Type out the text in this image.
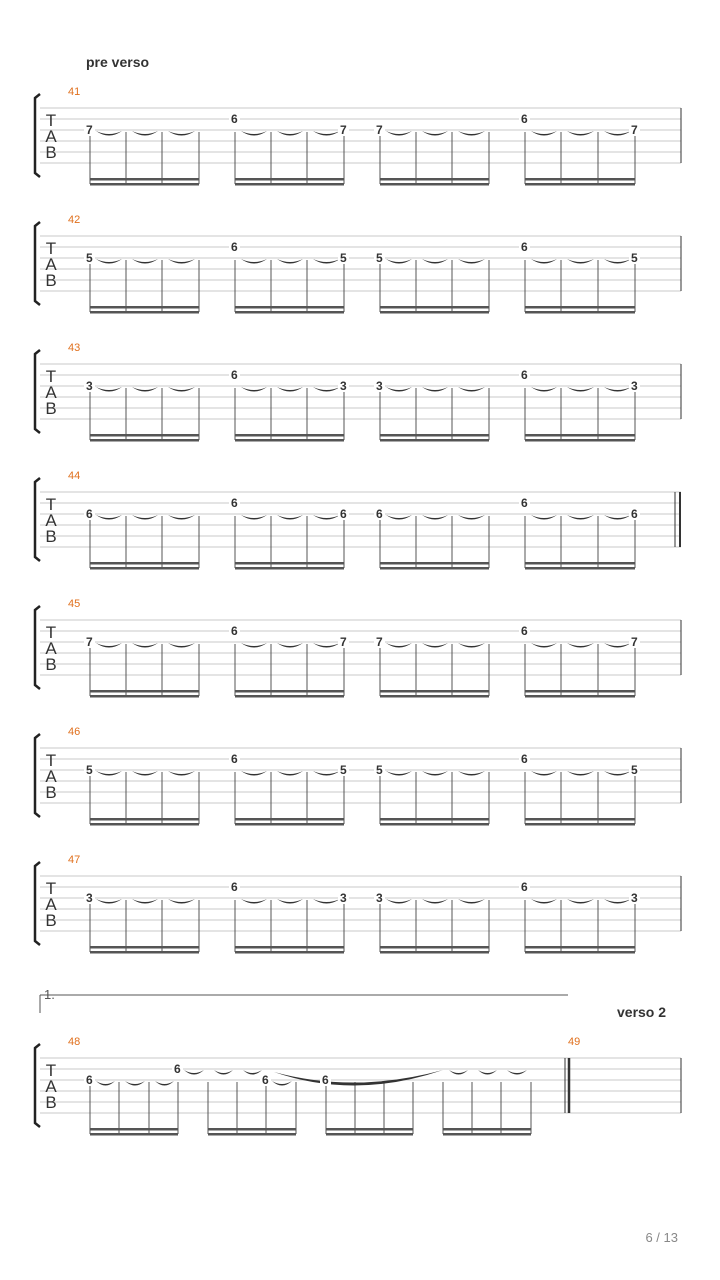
pre verso
verso 2
6 / 13
T
A
B
41
7
6
7 7
6
7
T
A
B
42
5
6
5 5
6
5
T
A
B
43
3
6
3 3
6
3
T
A
B
44
6
6
6 6
6
6
T
A
B
45
7
6
7 7
6
7
T
A
B
46
5
6
5 5
6
5
T
A
B
47
3
6
3 3
6
3
1.
T
A
B
48	49
6
6
6	6
